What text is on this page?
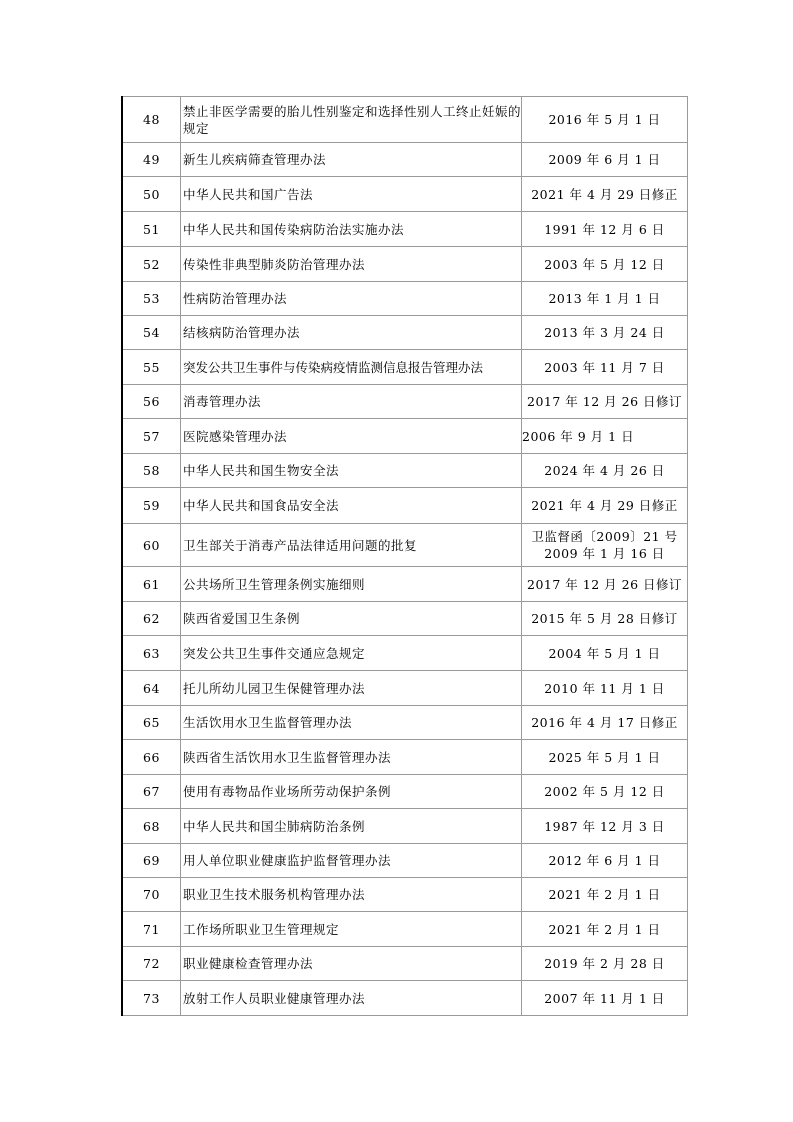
48	禁止非医学需要的胎儿性别鉴定和选择性别人工终止妊娠的规定	2016 年 5 月 1 日
49	新生儿疾病筛查管理办法	2009 年 6 月 1 日
50	中华人民共和国广告法	2021 年 4 月 29 日修正
51	中华人民共和国传染病防治法实施办法	1991 年 12 月 6 日
52	传染性非典型肺炎防治管理办法	2003 年 5 月 12 日
53	性病防治管理办法	2013 年 1 月 1 日
54	结核病防治管理办法	2013 年 3 月 24 日
55	突发公共卫生事件与传染病疫情监测信息报告管理办法	2003 年 11 月 7 日
56	消毒管理办法	2017 年 12 月 26 日修订
57	医院感染管理办法	2006 年 9 月 1 日
58	中华人民共和国生物安全法	2024 年 4 月 26 日
59	中华人民共和国食品安全法	2021 年 4 月 29 日修正
60	卫生部关于消毒产品法律适用问题的批复	卫监督函〔2009〕21 号
2009 年 1 月 16 日

61	公共场所卫生管理条例实施细则	2017 年 12 月 26 日修订
62	陕西省爱国卫生条例	2015 年 5 月 28 日修订
63	突发公共卫生事件交通应急规定	2004 年 5 月 1 日
64	托儿所幼儿园卫生保健管理办法	2010 年 11 月 1 日
65	生活饮用水卫生监督管理办法	2016 年 4 月 17 日修正
66	陕西省生活饮用水卫生监督管理办法	2025 年 5 月 1 日
67	使用有毒物品作业场所劳动保护条例	2002 年 5 月 12 日
68	中华人民共和国尘肺病防治条例	1987 年 12 月 3 日
69	用人单位职业健康监护监督管理办法	2012 年 6 月 1 日
70	职业卫生技术服务机构管理办法	2021 年 2 月 1 日
71	工作场所职业卫生管理规定	2021 年 2 月 1 日
72	职业健康检查管理办法	2019 年 2 月 28 日
73	放射工作人员职业健康管理办法	2007 年 11 月 1 日
